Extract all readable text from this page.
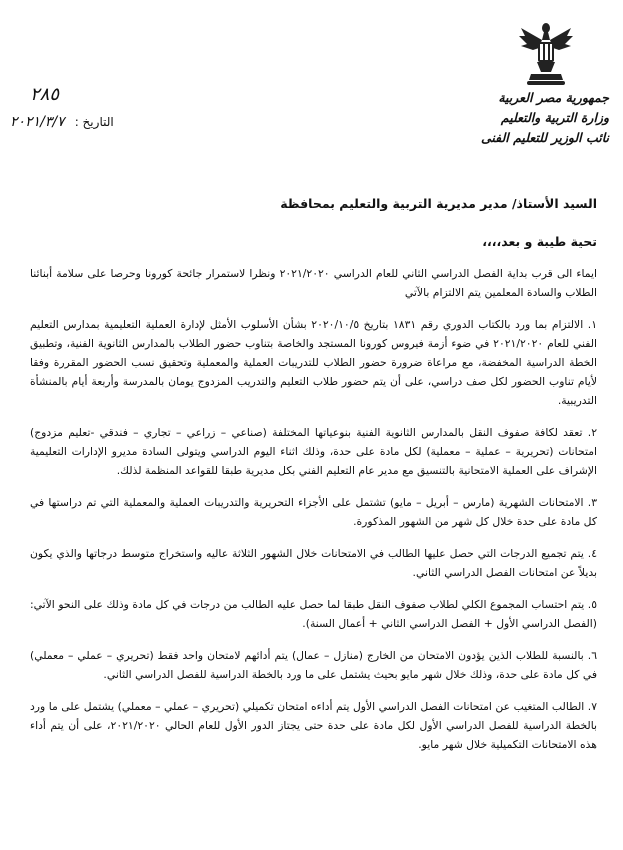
جمهورية مصر العربية
وزارة التربية والتعليم
نائب الوزير للتعليم الفنى
٢٨٥
التاريخ : ٢٠٢١/٣/٧
السيد الأستاذ/ مدير مديرية التربية والتعليم بمحافظة
تحية طيبة و بعد،،،،

ايماء الى قرب بداية الفصل الدراسي الثاني للعام الدراسي ٢٠٢١/٢٠٢٠ ونظرا لاستمرار جائحة كورونا وحرصا على سلامة أبنائنا الطلاب والسادة المعلمين يتم الالتزام بالآتي

١. الالتزام بما ورد بالكتاب الدوري رقم ١٨٣١ بتاريخ ٢٠٢٠/١٠/٥ بشأن الأسلوب الأمثل لإدارة العملية التعليمية بمدارس التعليم الفني للعام ٢٠٢١/٢٠٢٠ في ضوء أزمة فيروس كورونا المستجد والخاصة بتناوب حضور الطلاب بالمدارس الثانوية الفنية، وتطبيق الخطة الدراسية المخفضة، مع مراعاة ضرورة حضور الطلاب للتدريبات العملية والمعملية وتحقيق نسب الحضور المقررة وفقا لأيام تناوب الحضور لكل صف دراسي، على أن يتم حضور طلاب التعليم والتدريب المزدوج يومان بالمدرسة وأربعة أيام بالمنشأة التدريبية.

٢. تعقد لكافة صفوف النقل بالمدارس الثانوية الفنية بنوعياتها المختلفة (صناعي – زراعي – تجاري – فندقي -تعليم مزدوج) امتحانات (تحريرية – عملية – معملية) لكل مادة على حدة، وذلك اثناء اليوم الدراسي ويتولى السادة مديرو الإدارات التعليمية الإشراف على العملية الامتحانية بالتنسيق مع مدير عام التعليم الفني بكل مديرية طبقا للقواعد المنظمة لذلك.

٣. الامتحانات الشهرية (مارس – أبريل – مايو) تشتمل على الأجزاء التحريرية والتدريبات العملية والمعملية التي تم دراستها في كل مادة على حدة خلال كل شهر من الشهور المذكورة.

٤. يتم تجميع الدرجات التي حصل عليها الطالب في الامتحانات خلال الشهور الثلاثة عاليه واستخراج متوسط درجاتها والذي يكون بديلاً عن امتحانات الفصل الدراسي الثاني.

٥. يتم احتساب المجموع الكلي لطلاب صفوف النقل طبقا لما حصل عليه الطالب من درجات في كل مادة وذلك على النحو الآتي: (الفصل الدراسي الأول + الفصل الدراسي الثاني + أعمال السنة).

٦. بالنسبة للطلاب الذين يؤدون الامتحان من الخارج (منازل – عمال) يتم أدائهم لامتحان واحد فقط (تحريري – عملي – معملي) في كل مادة على حدة، وذلك خلال شهر مايو بحيث يشتمل على ما ورد بالخطة الدراسية للفصل الدراسي الثاني.

٧. الطالب المتغيب عن امتحانات الفصل الدراسي الأول يتم أداءه امتحان تكميلي (تحريري – عملي – معملي) يشتمل على ما ورد بالخطة الدراسية للفصل الدراسي الأول لكل مادة على حدة حتى يجتاز الدور الأول للعام الحالي ٢٠٢١/٢٠٢٠، على أن يتم أداء هذه الامتحانات التكميلية خلال شهر مايو.
